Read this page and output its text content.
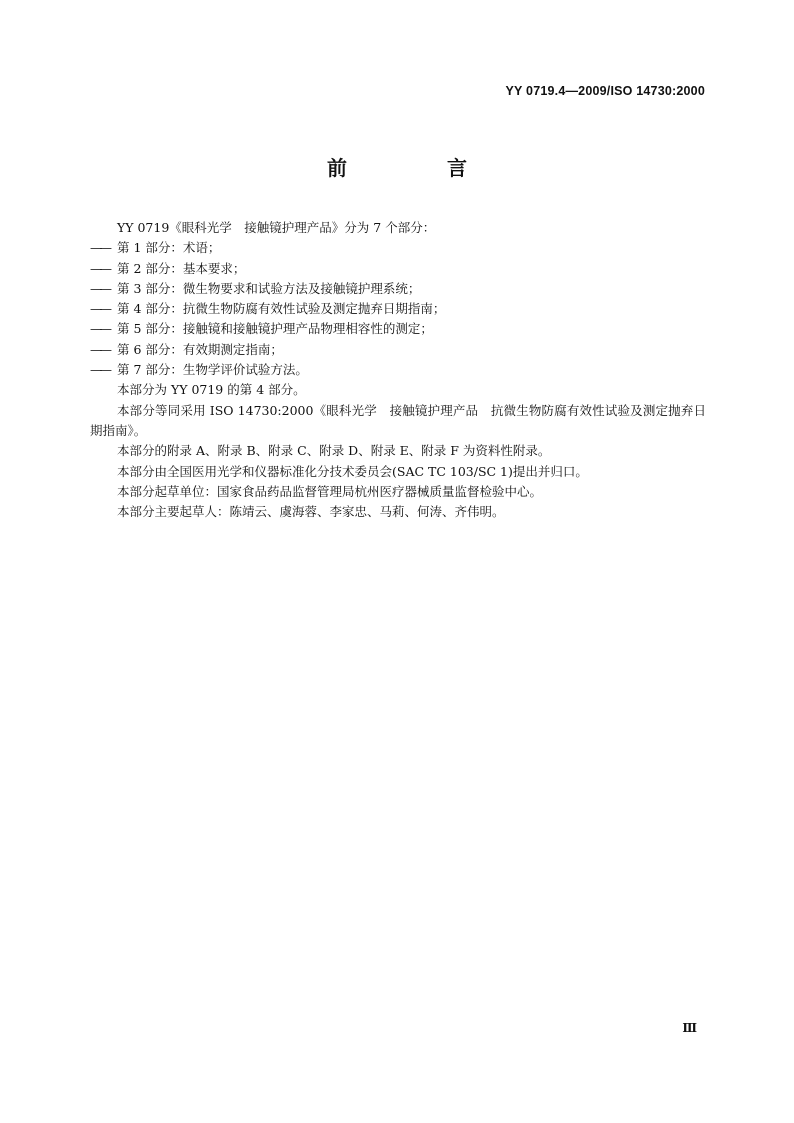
YY 0719.4—2009/ISO 14730:2000
前　言

YY 0719《眼科光学　接触镜护理产品》分为 7 个部分：

—— 第 1 部分：术语；

—— 第 2 部分：基本要求；

—— 第 3 部分：微生物要求和试验方法及接触镜护理系统；

—— 第 4 部分：抗微生物防腐有效性试验及测定抛弃日期指南；

—— 第 5 部分：接触镜和接触镜护理产品物理相容性的测定；

—— 第 6 部分：有效期测定指南；

—— 第 7 部分：生物学评价试验方法。

本部分为 YY 0719 的第 4 部分。

本部分等同采用 ISO 14730:2000《眼科光学　接触镜护理产品　抗微生物防腐有效性试验及测定抛弃日期指南》。

本部分的附录 A、附录 B、附录 C、附录 D、附录 E、附录 F 为资料性附录。

本部分由全国医用光学和仪器标准化分技术委员会(SAC TC 103/SC 1)提出并归口。

本部分起草单位：国家食品药品监督管理局杭州医疗器械质量监督检验中心。

本部分主要起草人：陈靖云、虞海蓉、李家忠、马莉、何涛、齐伟明。

Ⅲ
